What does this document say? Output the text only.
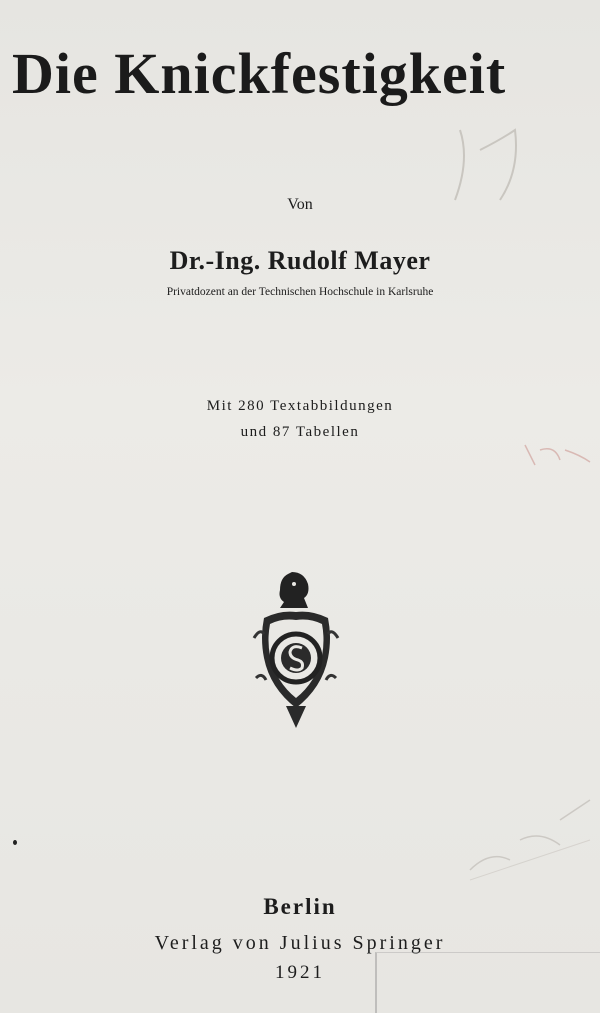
Die Knickfestigkeit
Von
Dr.-Ing. Rudolf Mayer
Privatdozent an der Technischen Hochschule in Karlsruhe
Mit 280 Textabbildungen
und 87 Tabellen
Berlin
Verlag von Julius Springer
1921
